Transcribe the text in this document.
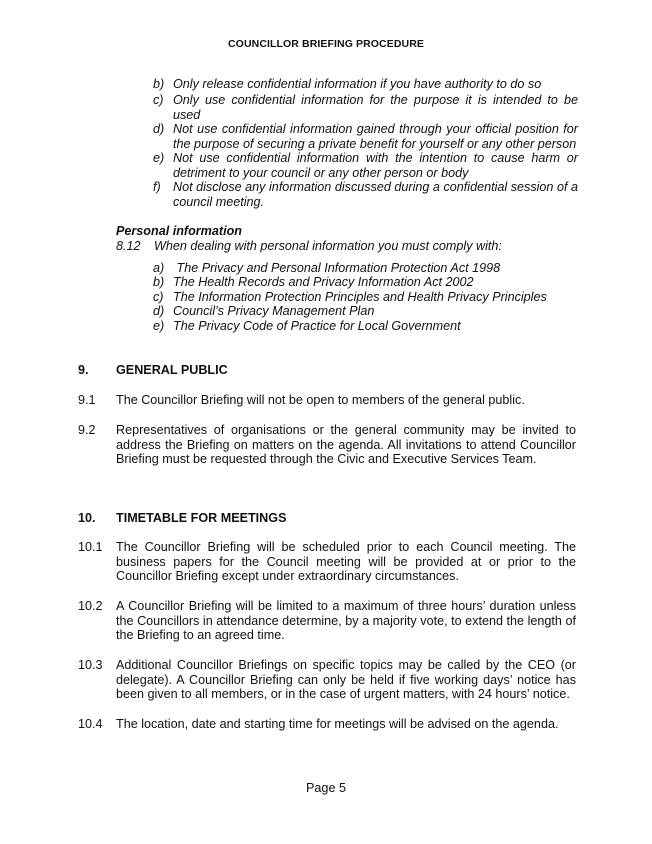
COUNCILLOR BRIEFING PROCEDURE
b) Only release confidential information if you have authority to do so
c) Only use confidential information for the purpose it is intended to be used
d) Not use confidential information gained through your official position for the purpose of securing a private benefit for yourself or any other person
e) Not use confidential information with the intention to cause harm or detriment to your council or any other person or body
f) Not disclose any information discussed during a confidential session of a council meeting.
Personal information
8.12 When dealing with personal information you must comply with:
a) The Privacy and Personal Information Protection Act 1998
b) The Health Records and Privacy Information Act 2002
c) The Information Protection Principles and Health Privacy Principles
d) Council’s Privacy Management Plan
e) The Privacy Code of Practice for Local Government
9. GENERAL PUBLIC
9.1 The Councillor Briefing will not be open to members of the general public.
9.2 Representatives of organisations or the general community may be invited to address the Briefing on matters on the agenda. All invitations to attend Councillor Briefing must be requested through the Civic and Executive Services Team.
10. TIMETABLE FOR MEETINGS
10.1 The Councillor Briefing will be scheduled prior to each Council meeting. The business papers for the Council meeting will be provided at or prior to the Councillor Briefing except under extraordinary circumstances.
10.2 A Councillor Briefing will be limited to a maximum of three hours’ duration unless the Councillors in attendance determine, by a majority vote, to extend the length of the Briefing to an agreed time.
10.3 Additional Councillor Briefings on specific topics may be called by the CEO (or delegate). A Councillor Briefing can only be held if five working days’ notice has been given to all members, or in the case of urgent matters, with 24 hours’ notice.
10.4 The location, date and starting time for meetings will be advised on the agenda.
Page 5
